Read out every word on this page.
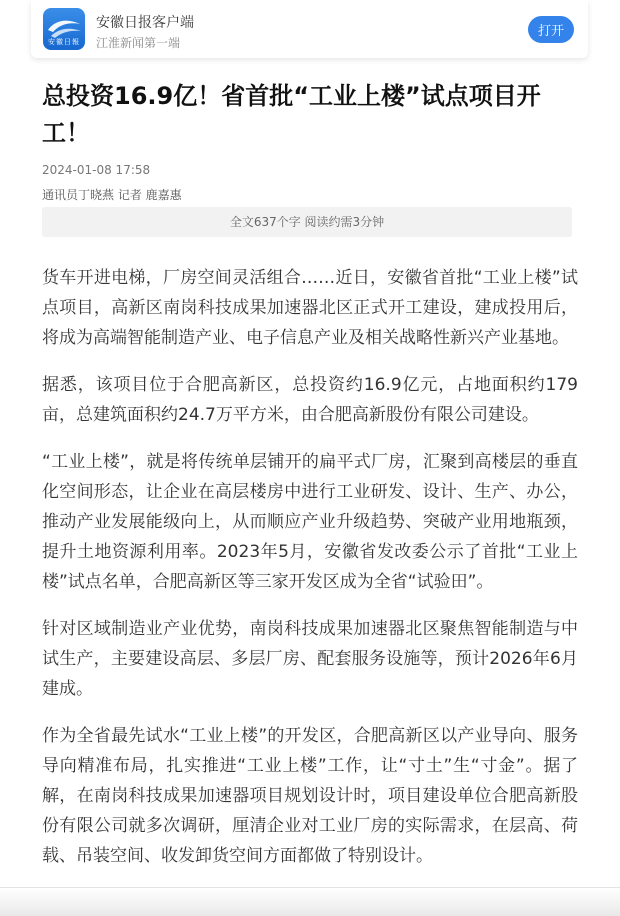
安徽日報
安徽日报客户端
江淮新闻第一端
打开
总投资16.9亿！省首批“工业上楼”试点项目开工！
2024-01-08 17:58
通讯员丁晓燕 记者 鹿嘉惠
全文637个字 阅读约需3分钟

货车开进电梯，厂房空间灵活组合……近日，安徽省首批“工业上楼”试点项目，高新区南岗科技成果加速器北区正式开工建设，建成投用后，将成为高端智能制造产业、电子信息产业及相关战略性新兴产业基地。

据悉，该项目位于合肥高新区，总投资约16.9亿元，占地面积约179亩，总建筑面积约24.7万平方米，由合肥高新股份有限公司建设。

“工业上楼”，就是将传统单层铺开的扁平式厂房，汇聚到高楼层的垂直化空间形态，让企业在高层楼房中进行工业研发、设计、生产、办公，推动产业发展能级向上，从而顺应产业升级趋势、突破产业用地瓶颈，提升土地资源利用率。2023年5月，安徽省发改委公示了首批“工业上楼”试点名单，合肥高新区等三家开发区成为全省“试验田”。

针对区域制造业产业优势，南岗科技成果加速器北区聚焦智能制造与中试生产，主要建设高层、多层厂房、配套服务设施等，预计2026年6月建成。

作为全省最先试水“工业上楼”的开发区，合肥高新区以产业导向、服务导向精准布局，扎实推进“工业上楼”工作，让“寸土”生“寸金”。据了解，在南岗科技成果加速器项目规划设计时，项目建设单位合肥高新股份有限公司就多次调研，厘清企业对工业厂房的实际需求，在层高、荷载、吊装空间、收发卸货空间方面都做了特别设计。
